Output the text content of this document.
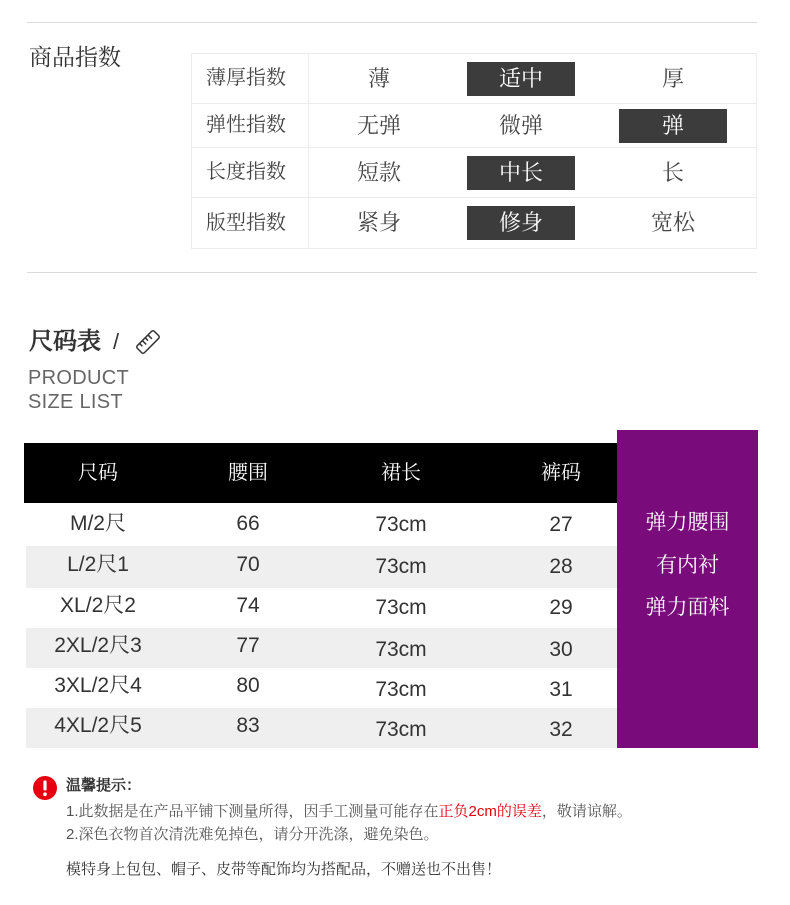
商品指数
薄厚指数	薄	适中	厚
弹性指数	无弹	微弹	弹
长度指数	短款	中长	长
版型指数	紧身	修身	宽松
尺码表 /
PRODUCT
SIZE LIST
尺码	腰围	裙长	裤码
M/2尺	66	73cm	27
L/2尺1	70	73cm	28
XL/2尺2	74	73cm	29
2XL/2尺3	77	73cm	30
3XL/2尺4	80	73cm	31
4XL/2尺5	83	73cm	32
弹力腰围
有内衬
弹力面料
温馨提示：
1.此数据是在产品平铺下测量所得，因手工测量可能存在正负2cm的误差，敬请谅解。
2.深色衣物首次清洗难免掉色，请分开洗涤，避免染色。
模特身上包包、帽子、皮带等配饰均为搭配品，不赠送也不出售！
